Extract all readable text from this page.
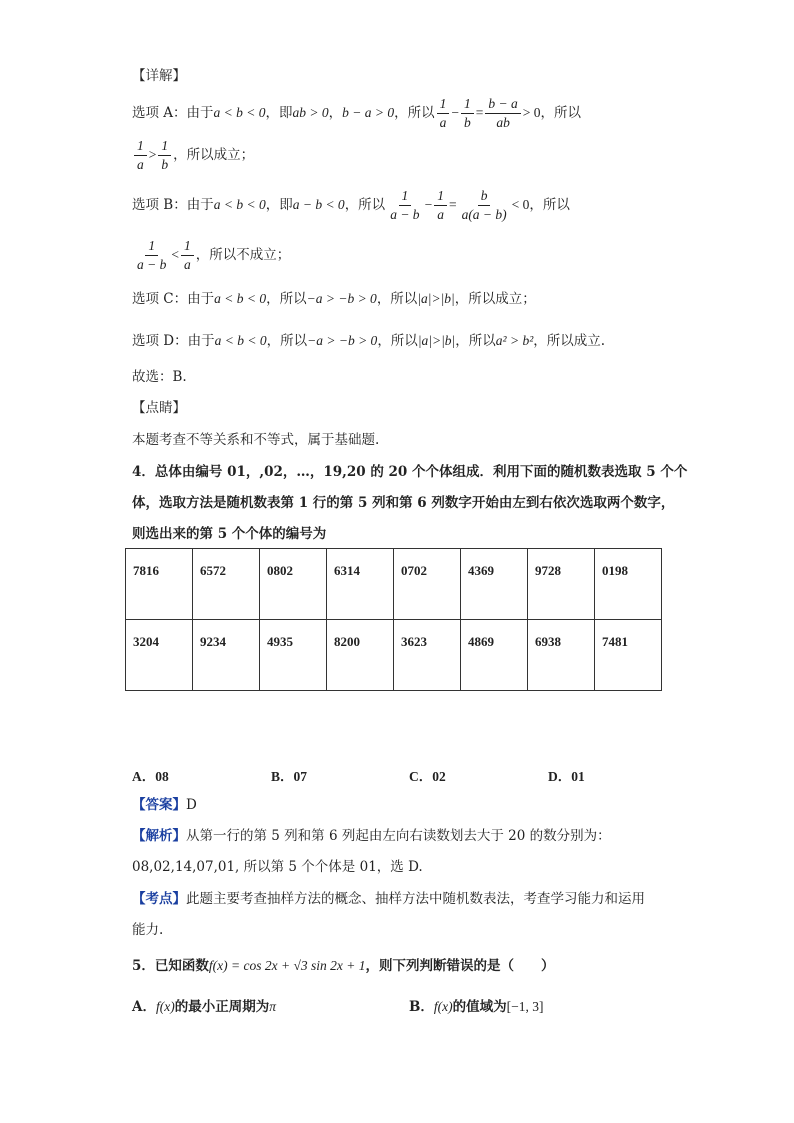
【详解】
选项 A：由于 a < b < 0 ，即 ab > 0 ， b − a > 0 ，所以 $\frac{1}{a} - \frac{1}{b} = \frac{b - a}{ab} > 0$ ，所以
$\frac{1}{a} > \frac{1}{b}$ ，所以成立；
选项 B：由于 a < b < 0 ，即 a − b < 0 ，所以 $\frac{1}{a - b} - \frac{1}{a} = \frac{b}{a(a - b)} < 0$ ，所以
$\frac{1}{a - b} < \frac{1}{a}$ ，所以不成立；
选项 C：由于a < b < 0，所以−a > −b > 0，所以|a|>|b|，所以成立；
选项 D：由于a < b < 0，所以−a > −b > 0，所以|a|>|b|，所以a² > b²，所以成立.
故选：B.
【点睛】
本题考查不等关系和不等式，属于基础题.
4．总体由编号 01，,02，…，19,20 的 20 个个体组成．利用下面的随机数表选取 5 个个
体，选取方法是随机数表第 1 行的第 5 列和第 6 列数字开始由左到右依次选取两个数字，
则选出来的第 5 个个体的编号为
7816	6572	0802	6314	0702	4369	9728	0198
3204	9234	4935	8200	3623	4869	6938	7481
A．08	B．07	C．02	D．01
【答案】D
【解析】从第一行的第 5 列和第 6 列起由左向右读数划去大于 20 的数分别为：
08,02,14,07,01, 所以第 5 个个体是 01，选 D.
【考点】此题主要考查抽样方法的概念、抽样方法中随机数表法，考查学习能力和运用
能力.
5．已知函数f(x) = cos 2x + √3 sin 2x + 1，则下列判断错误的是（　　）
A．f(x)的最小正周期为π	B．f(x)的值域为[−1, 3]
